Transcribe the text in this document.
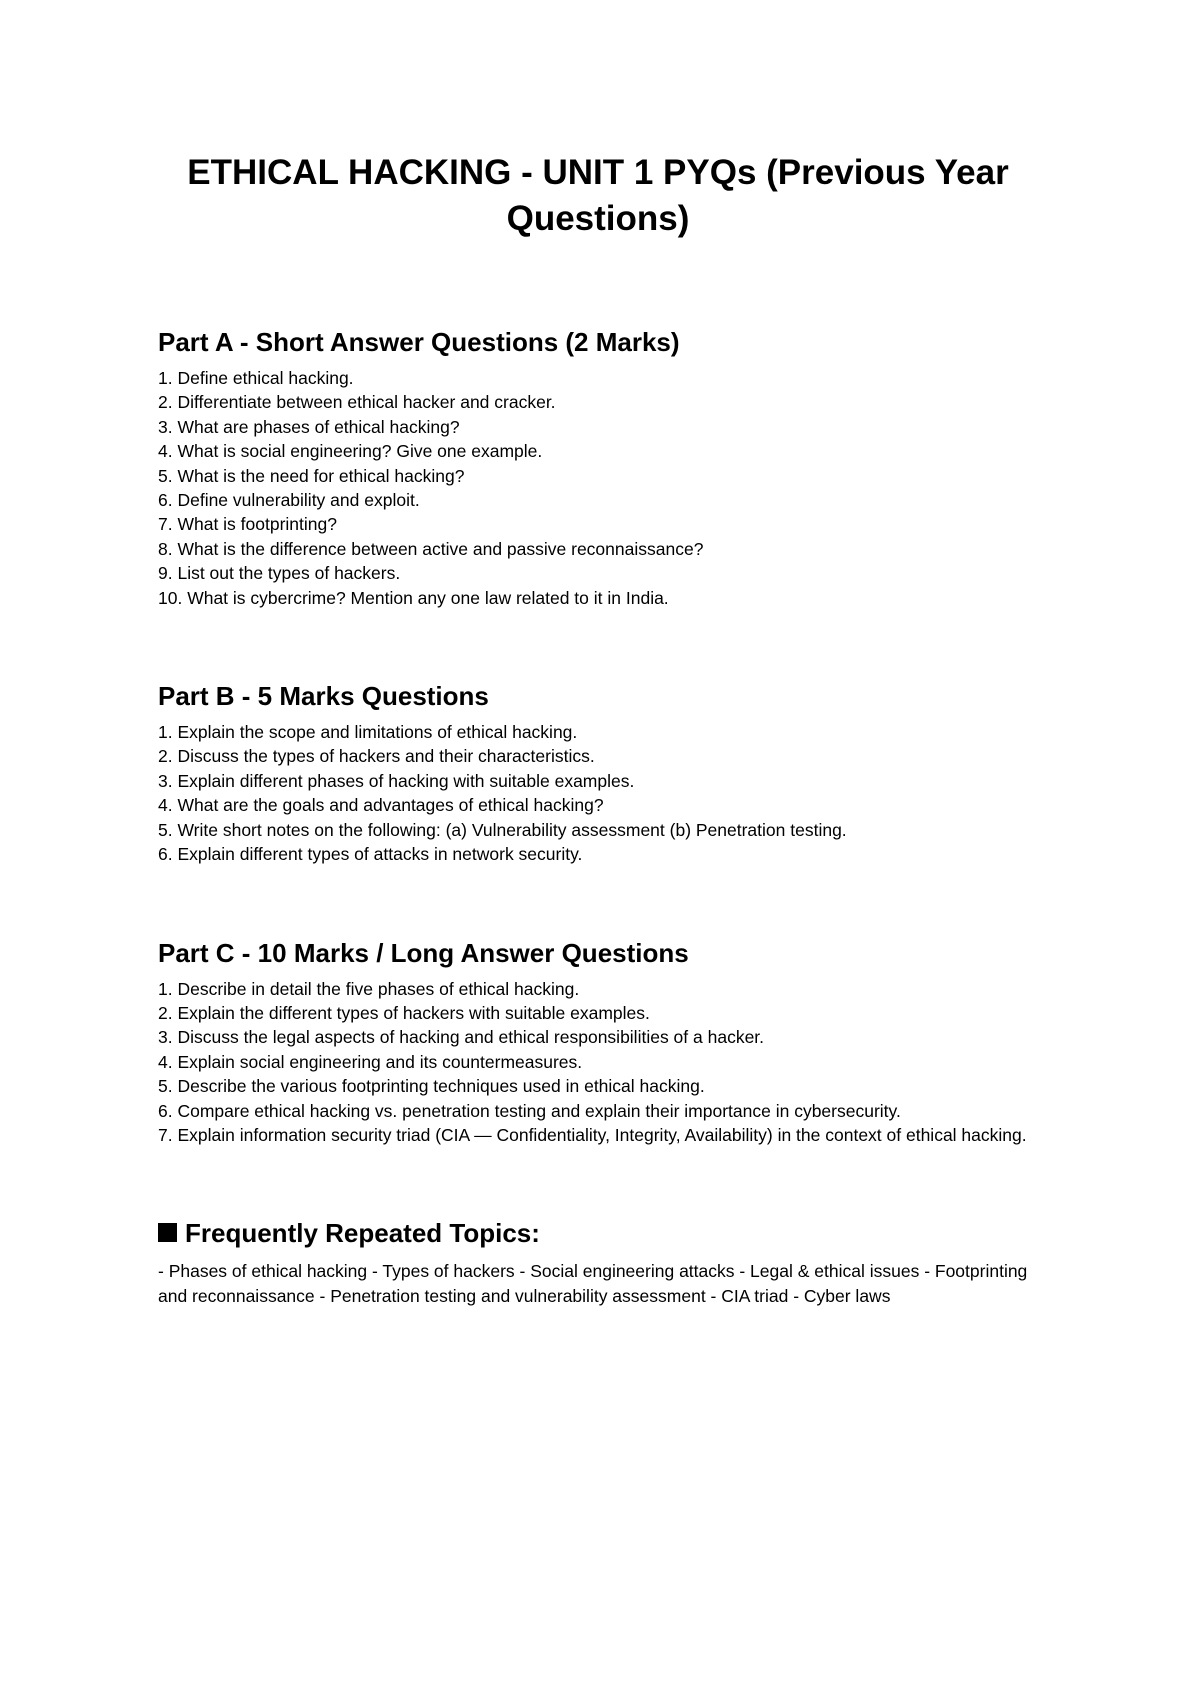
ETHICAL HACKING - UNIT 1 PYQs (Previous Year Questions)
Part A - Short Answer Questions (2 Marks)
1. Define ethical hacking.
2. Differentiate between ethical hacker and cracker.
3. What are phases of ethical hacking?
4. What is social engineering? Give one example.
5. What is the need for ethical hacking?
6. Define vulnerability and exploit.
7. What is footprinting?
8. What is the difference between active and passive reconnaissance?
9. List out the types of hackers.
10. What is cybercrime? Mention any one law related to it in India.
Part B - 5 Marks Questions
1. Explain the scope and limitations of ethical hacking.
2. Discuss the types of hackers and their characteristics.
3. Explain different phases of hacking with suitable examples.
4. What are the goals and advantages of ethical hacking?
5. Write short notes on the following: (a) Vulnerability assessment (b) Penetration testing.
6. Explain different types of attacks in network security.
Part C - 10 Marks / Long Answer Questions
1. Describe in detail the five phases of ethical hacking.
2. Explain the different types of hackers with suitable examples.
3. Discuss the legal aspects of hacking and ethical responsibilities of a hacker.
4. Explain social engineering and its countermeasures.
5. Describe the various footprinting techniques used in ethical hacking.
6. Compare ethical hacking vs. penetration testing and explain their importance in cybersecurity.
7. Explain information security triad (CIA — Confidentiality, Integrity, Availability) in the context of ethical hacking.
Frequently Repeated Topics:

- Phases of ethical hacking - Types of hackers - Social engineering attacks - Legal & ethical issues - Footprinting and reconnaissance - Penetration testing and vulnerability assessment - CIA triad - Cyber laws
